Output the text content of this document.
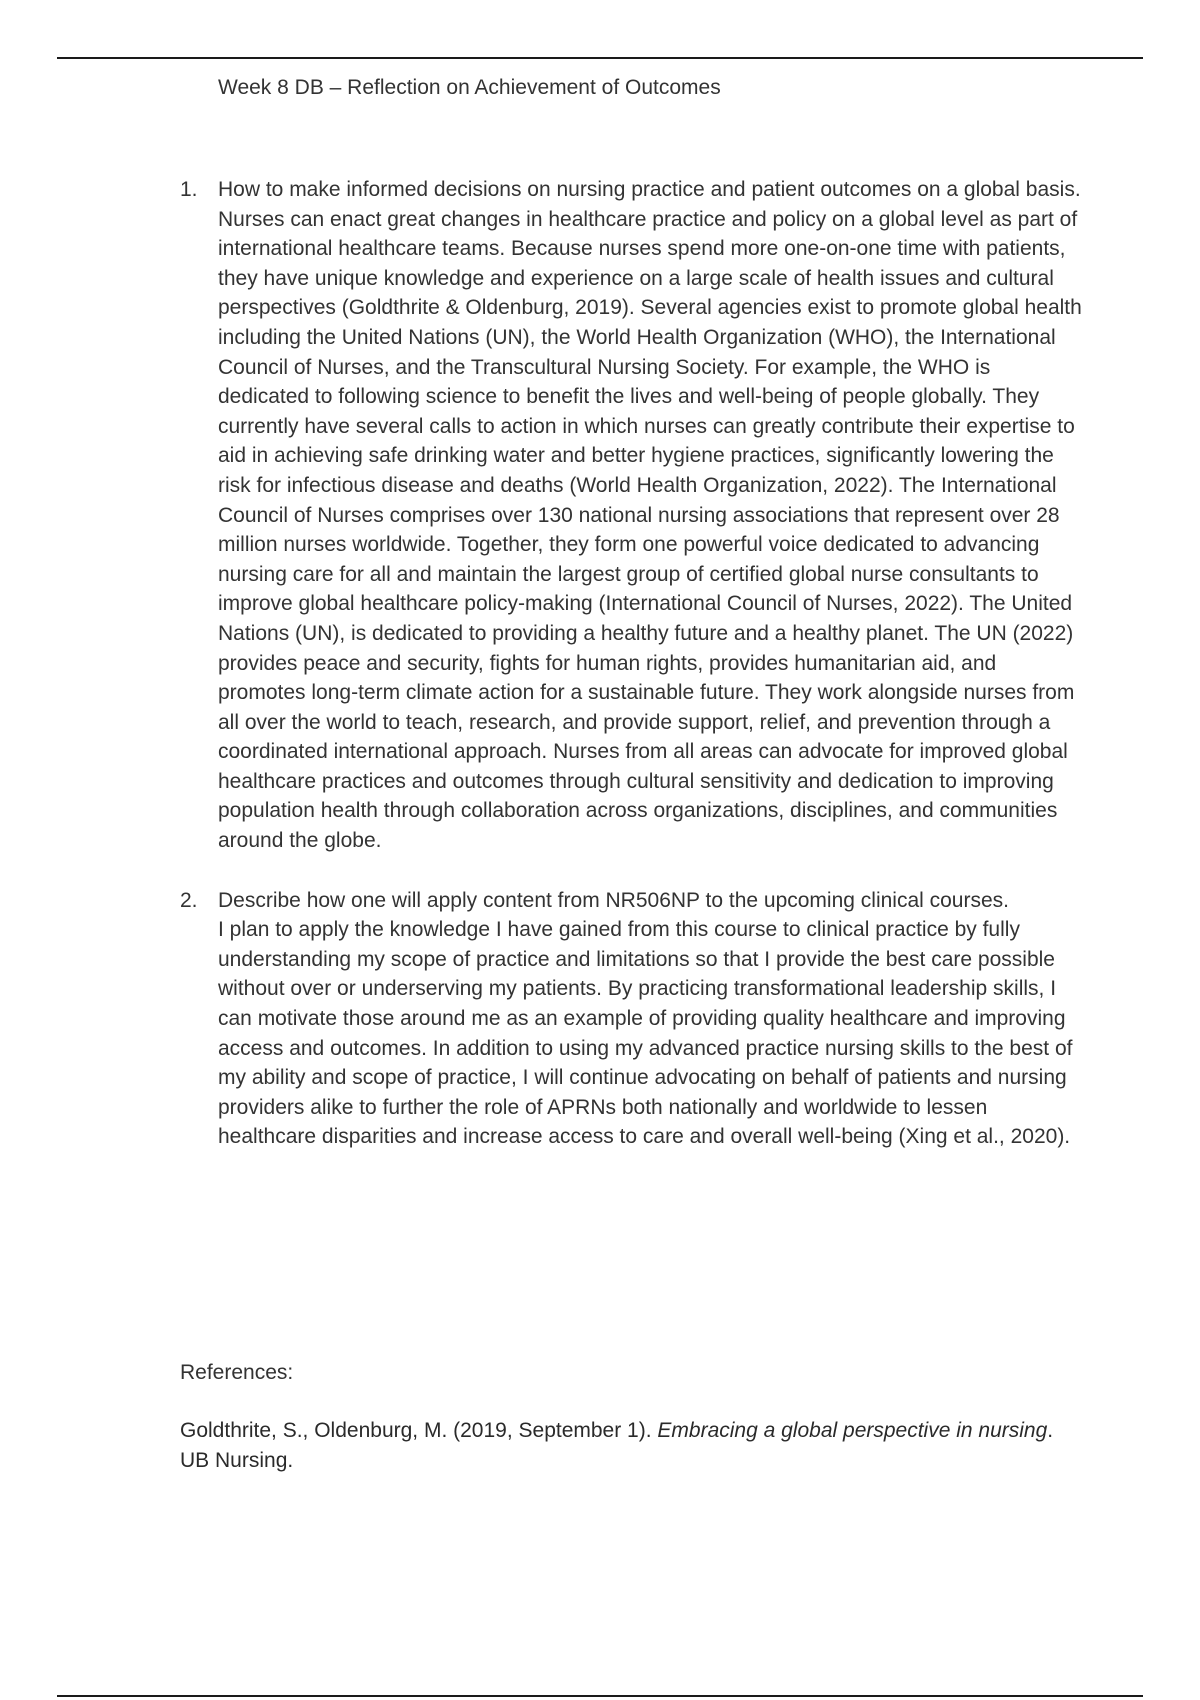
Week 8 DB – Reflection on Achievement of Outcomes
1. How to make informed decisions on nursing practice and patient outcomes on a global basis.
Nurses can enact great changes in healthcare practice and policy on a global level as part of international healthcare teams. Because nurses spend more one-on-one time with patients, they have unique knowledge and experience on a large scale of health issues and cultural perspectives (Goldthrite & Oldenburg, 2019). Several agencies exist to promote global health including the United Nations (UN), the World Health Organization (WHO), the International Council of Nurses, and the Transcultural Nursing Society. For example, the WHO is dedicated to following science to benefit the lives and well-being of people globally. They currently have several calls to action in which nurses can greatly contribute their expertise to aid in achieving safe drinking water and better hygiene practices, significantly lowering the risk for infectious disease and deaths (World Health Organization, 2022). The International Council of Nurses comprises over 130 national nursing associations that represent over 28 million nurses worldwide. Together, they form one powerful voice dedicated to advancing nursing care for all and maintain the largest group of certified global nurse consultants to improve global healthcare policy-making (International Council of Nurses, 2022). The United Nations (UN), is dedicated to providing a healthy future and a healthy planet. The UN (2022) provides peace and security, fights for human rights, provides humanitarian aid, and promotes long-term climate action for a sustainable future. They work alongside nurses from all over the world to teach, research, and provide support, relief, and prevention through a coordinated international approach. Nurses from all areas can advocate for improved global healthcare practices and outcomes through cultural sensitivity and dedication to improving population health through collaboration across organizations, disciplines, and communities around the globe.
2. Describe how one will apply content from NR506NP to the upcoming clinical courses.
I plan to apply the knowledge I have gained from this course to clinical practice by fully understanding my scope of practice and limitations so that I provide the best care possible without over or underserving my patients. By practicing transformational leadership skills, I can motivate those around me as an example of providing quality healthcare and improving access and outcomes. In addition to using my advanced practice nursing skills to the best of my ability and scope of practice, I will continue advocating on behalf of patients and nursing providers alike to further the role of APRNs both nationally and worldwide to lessen healthcare disparities and increase access to care and overall well-being (Xing et al., 2020).
References:
Goldthrite, S., Oldenburg, M. (2019, September 1). Embracing a global perspective in nursing. UB Nursing.
